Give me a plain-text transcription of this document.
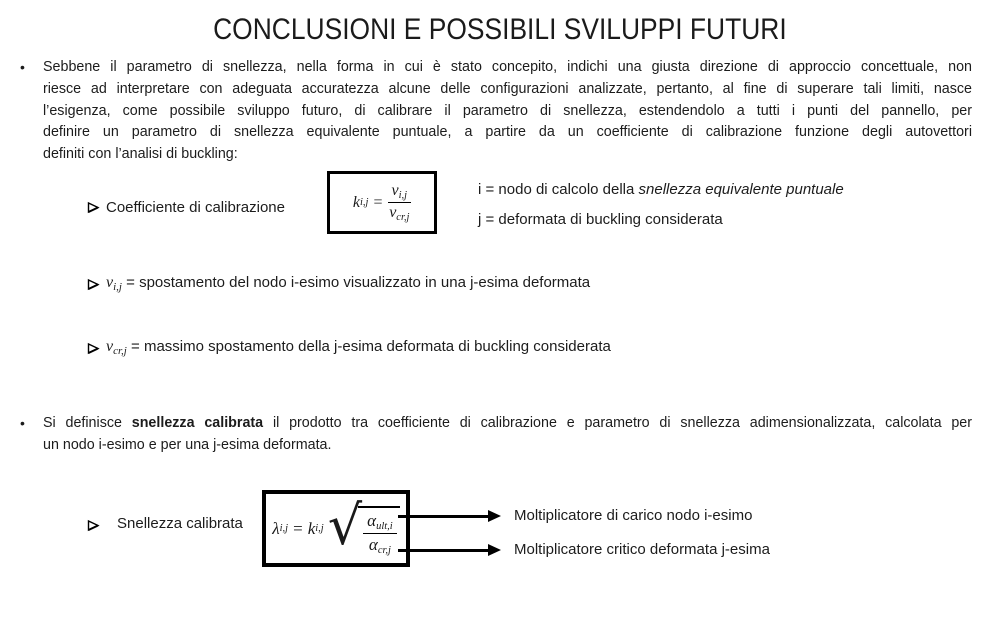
CONCLUSIONI E POSSIBILI SVILUPPI FUTURI
• Sebbene il parametro di snellezza, nella forma in cui è stato concepito, indichi una giusta direzione di approccio concettuale, non
riesce ad interpretare con adeguata accuratezza alcune delle configurazioni analizzate, pertanto, al fine di superare tali limiti, nasce
l’esigenza, come possibile sviluppo futuro, di calibrare il parametro di snellezza, estendendolo a tutti i punti del pannello, per
definire un parametro di snellezza equivalente puntuale, a partire da un coefficiente di calibrazione funzione degli autovettori
definiti con l’analisi di buckling:
Coefficiente di calibrazione	k $i,j = \frac{vi,j}{\text{vcr,j}}$	i = nodo di calcolo della snellezza equivalente puntuale
j = deformata di buckling considerata
$v_{i,j}$ = spostamento del nodo i-esimo visualizzato in una j-esima deformata
$v_{cr,j}$ = massimo spostamento della j-esima deformata di buckling considerata
• Si definisce snellezza calibrata il prodotto tra coefficiente di calibrazione e parametro di snellezza adimensionalizzata, calcolata per
un nodo i-esimo e per una j-esima deformata.
Snellezza calibrata λ i,j = k i,j √ $\frac{\text{αult,i}}{\text{αcr,j}}$	Moltiplicatore di carico nodo i-esimo
Moltiplicatore critico deformata j-esima
